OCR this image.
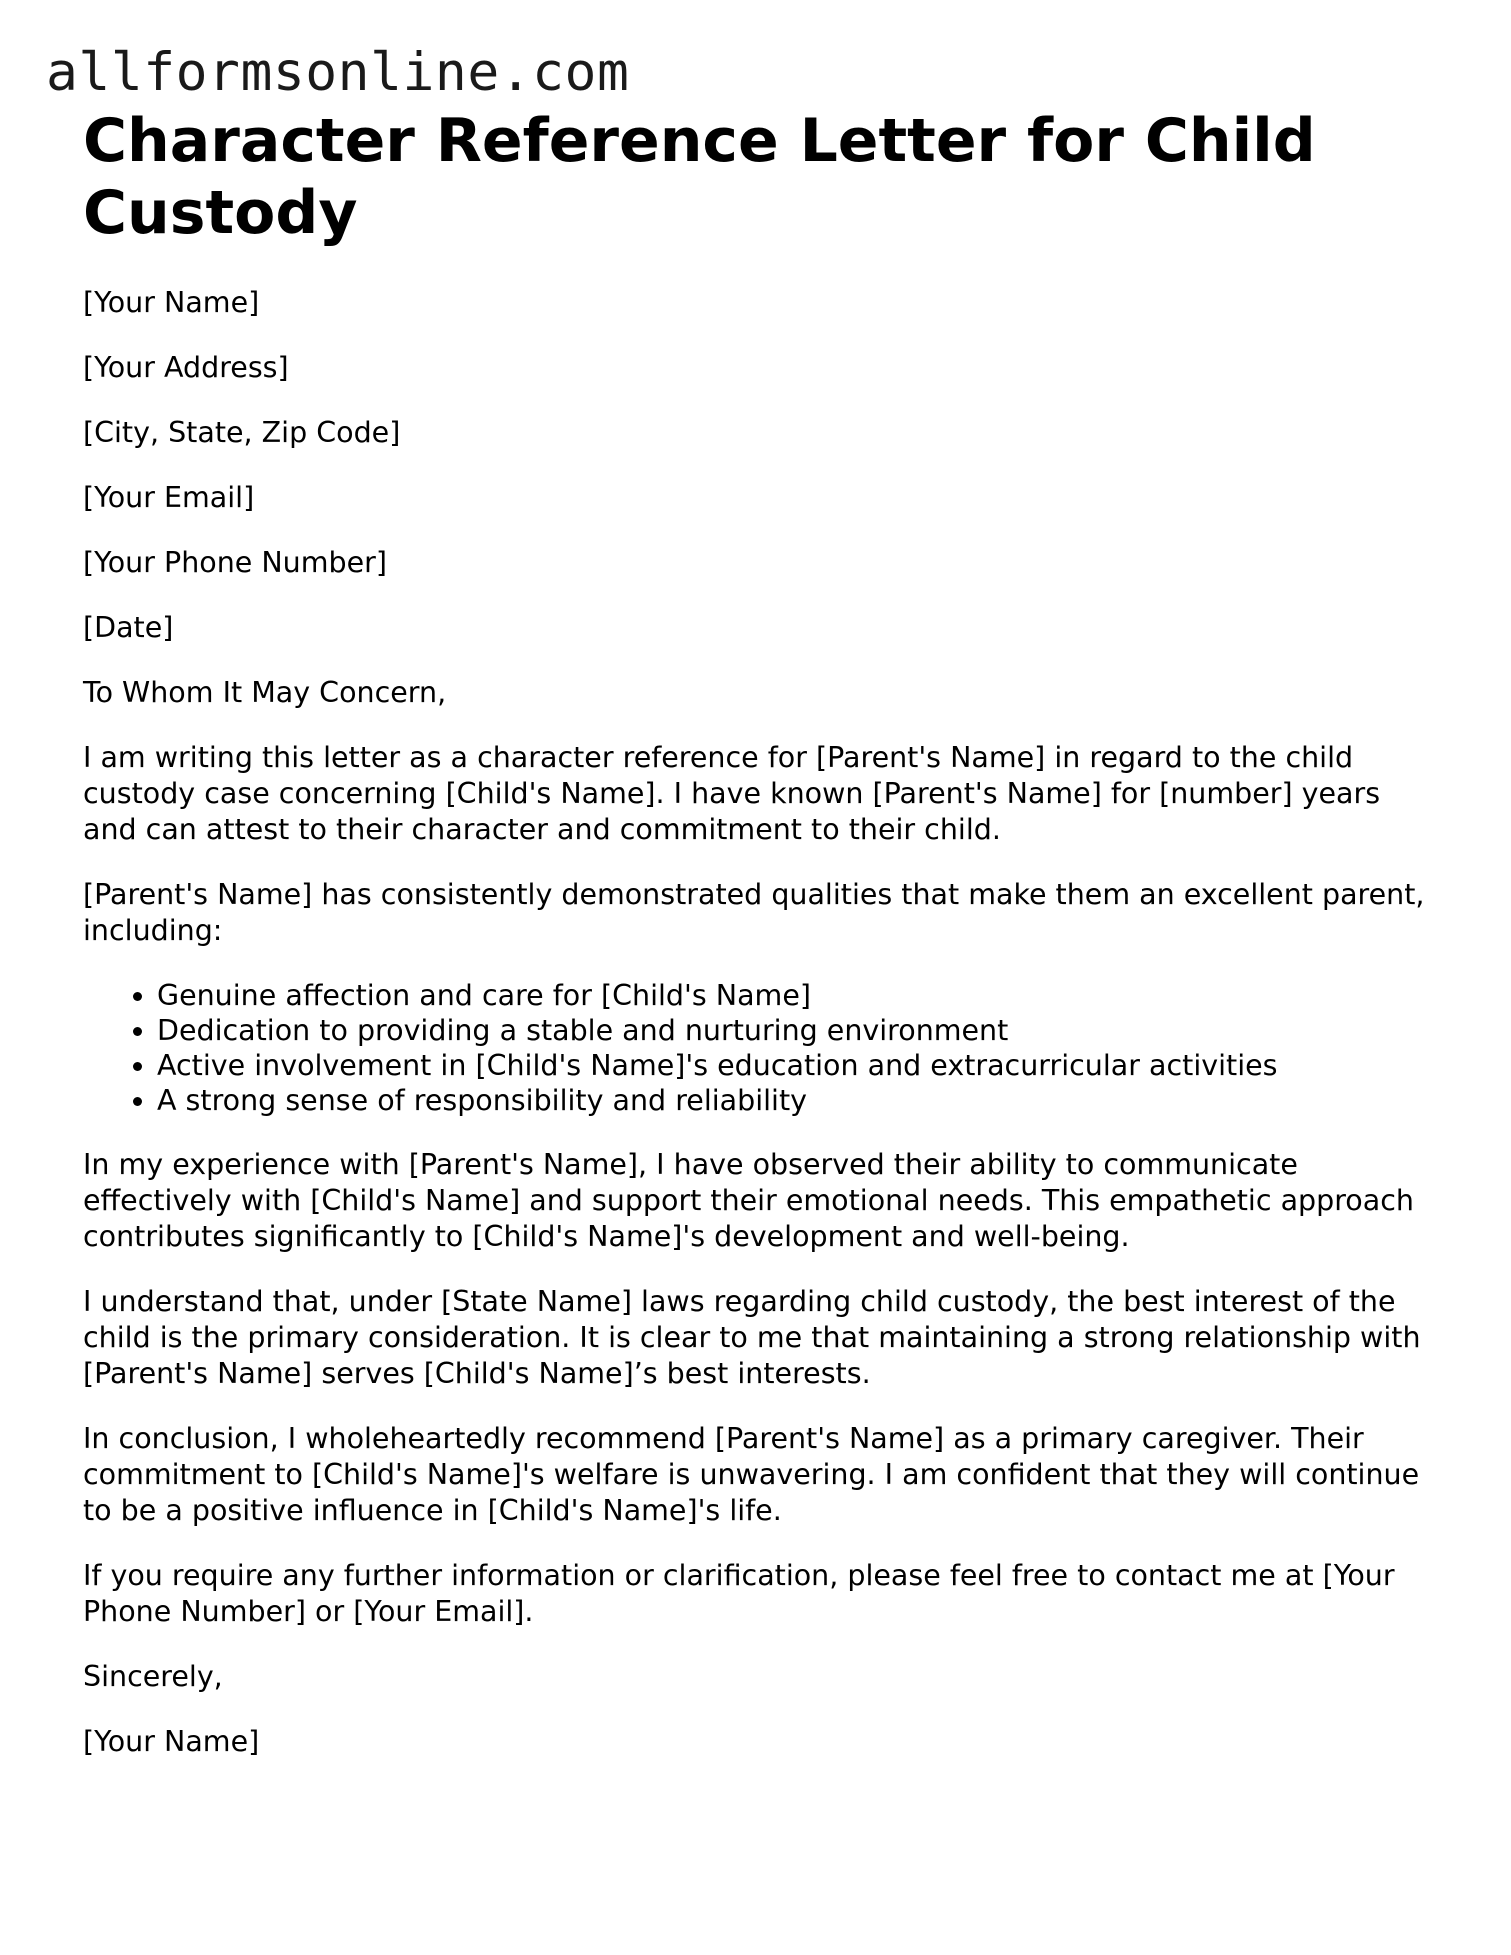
allformsonline.com
Character Reference Letter for Child Custody

[Your Name]

[Your Address]

[City, State, Zip Code]

[Your Email]

[Your Phone Number]

[Date]

To Whom It May Concern,

I am writing this letter as a character reference for [Parent's Name] in regard to the child custody case concerning [Child's Name]. I have known [Parent's Name] for [number] years and can attest to their character and commitment to their child.

[Parent's Name] has consistently demonstrated qualities that make them an excellent parent, including:

• Genuine affection and care for [Child's Name]
• Dedication to providing a stable and nurturing environment
• Active involvement in [Child's Name]'s education and extracurricular activities
• A strong sense of responsibility and reliability

In my experience with [Parent's Name], I have observed their ability to communicate effectively with [Child's Name] and support their emotional needs. This empathetic approach contributes significantly to [Child's Name]'s development and well-being.

I understand that, under [State Name] laws regarding child custody, the best interest of the child is the primary consideration. It is clear to me that maintaining a strong relationship with [Parent's Name] serves [Child's Name]’s best interests.

In conclusion, I wholeheartedly recommend [Parent's Name] as a primary caregiver. Their commitment to [Child's Name]'s welfare is unwavering. I am confident that they will continue to be a positive influence in [Child's Name]'s life.

If you require any further information or clarification, please feel free to contact me at [Your Phone Number] or [Your Email].

Sincerely,

[Your Name]
